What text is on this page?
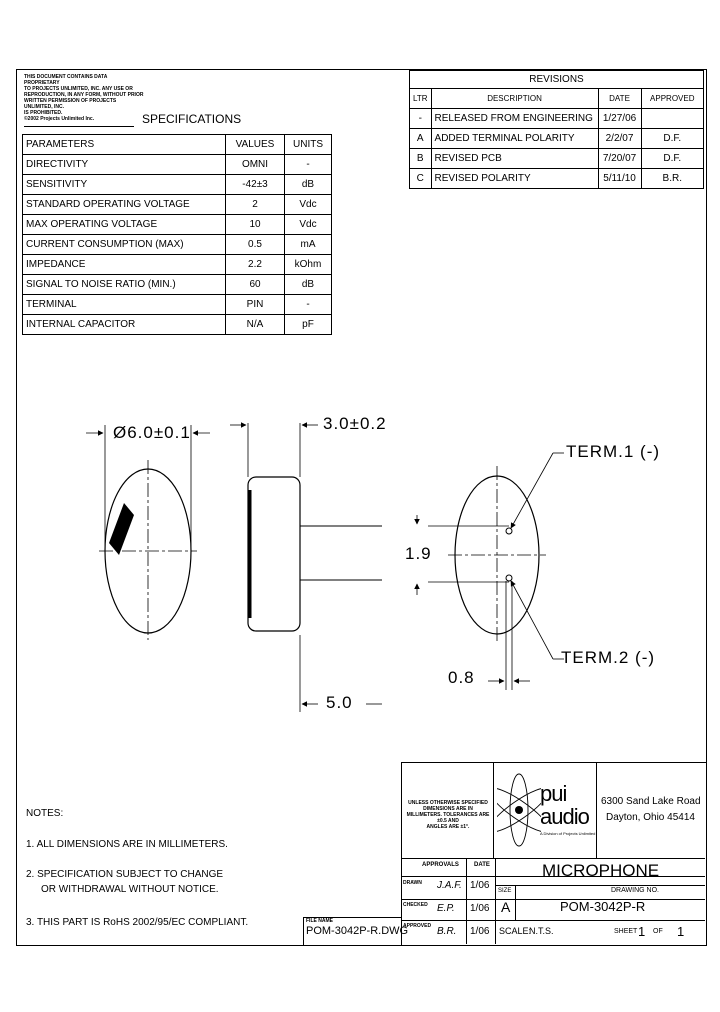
THIS DOCUMENT CONTAINS DATA PROPRIETARY
TO PROJECTS UNLIMITED, INC. ANY USE OR
REPRODUCTION, IN ANY FORM, WITHOUT PRIOR
WRITTEN PERMISSION OF PROJECTS UNLIMITED, INC.
IS PROHIBITED.
©2002 Projects Unlimited Inc.	SPECIFICATIONS
PARAMETERS	VALUES	UNITS
DIRECTIVITY	OMNI	-
SENSITIVITY	-42±3	dB
STANDARD OPERATING VOLTAGE	2	Vdc
MAX OPERATING VOLTAGE	10	Vdc
CURRENT CONSUMPTION (MAX)	0.5	mA
IMPEDANCE	2.2	kOhm
SIGNAL TO NOISE RATIO (MIN.)	60	dB
TERMINAL	PIN	-
INTERNAL CAPACITOR	N/A	pF
REVISIONS			
LTR	DESCRIPTION	DATE	APPROVED
-	RELEASED FROM ENGINEERING	1/27/06	
A	ADDED TERMINAL POLARITY	2/2/07	D.F.
B	REVISED PCB	7/20/07	D.F.
C	REVISED POLARITY	5/11/10	B.R.
Ø6.0±0.1	3.0±0.2
5.0
1.9
0.8
TERM.1 (-)
TERM.2 (-)
NOTES:
1. ALL DIMENSIONS ARE IN MILLIMETERS.
2. SPECIFICATION SUBJECT TO CHANGE
OR WITHDRAWAL WITHOUT NOTICE.
3. THIS PART IS RoHS 2002/95/EC COMPLIANT.
UNLESS OTHERWISE SPECIFIED
DIMENSIONS ARE IN
MILLIMETERS. TOLERANCES ARE ±0.5 AND
ANGLES ARE ±1°.
pui
audio
A Division of Projects Unlimited
6300 Sand Lake Road
Dayton, Ohio 45414
APPROVALS	DATE
DRAWN J.A.F. 1/06
CHECKED E.P. 1/06
APPROVED B.R. 1/06
MICROPHONE
SIZE
A
DRAWING NO.
POM-3042P-R
SCALE:
N.T.S.	SHEET 1 OF 1
FILE NAME
POM-3042P-R.DWG
